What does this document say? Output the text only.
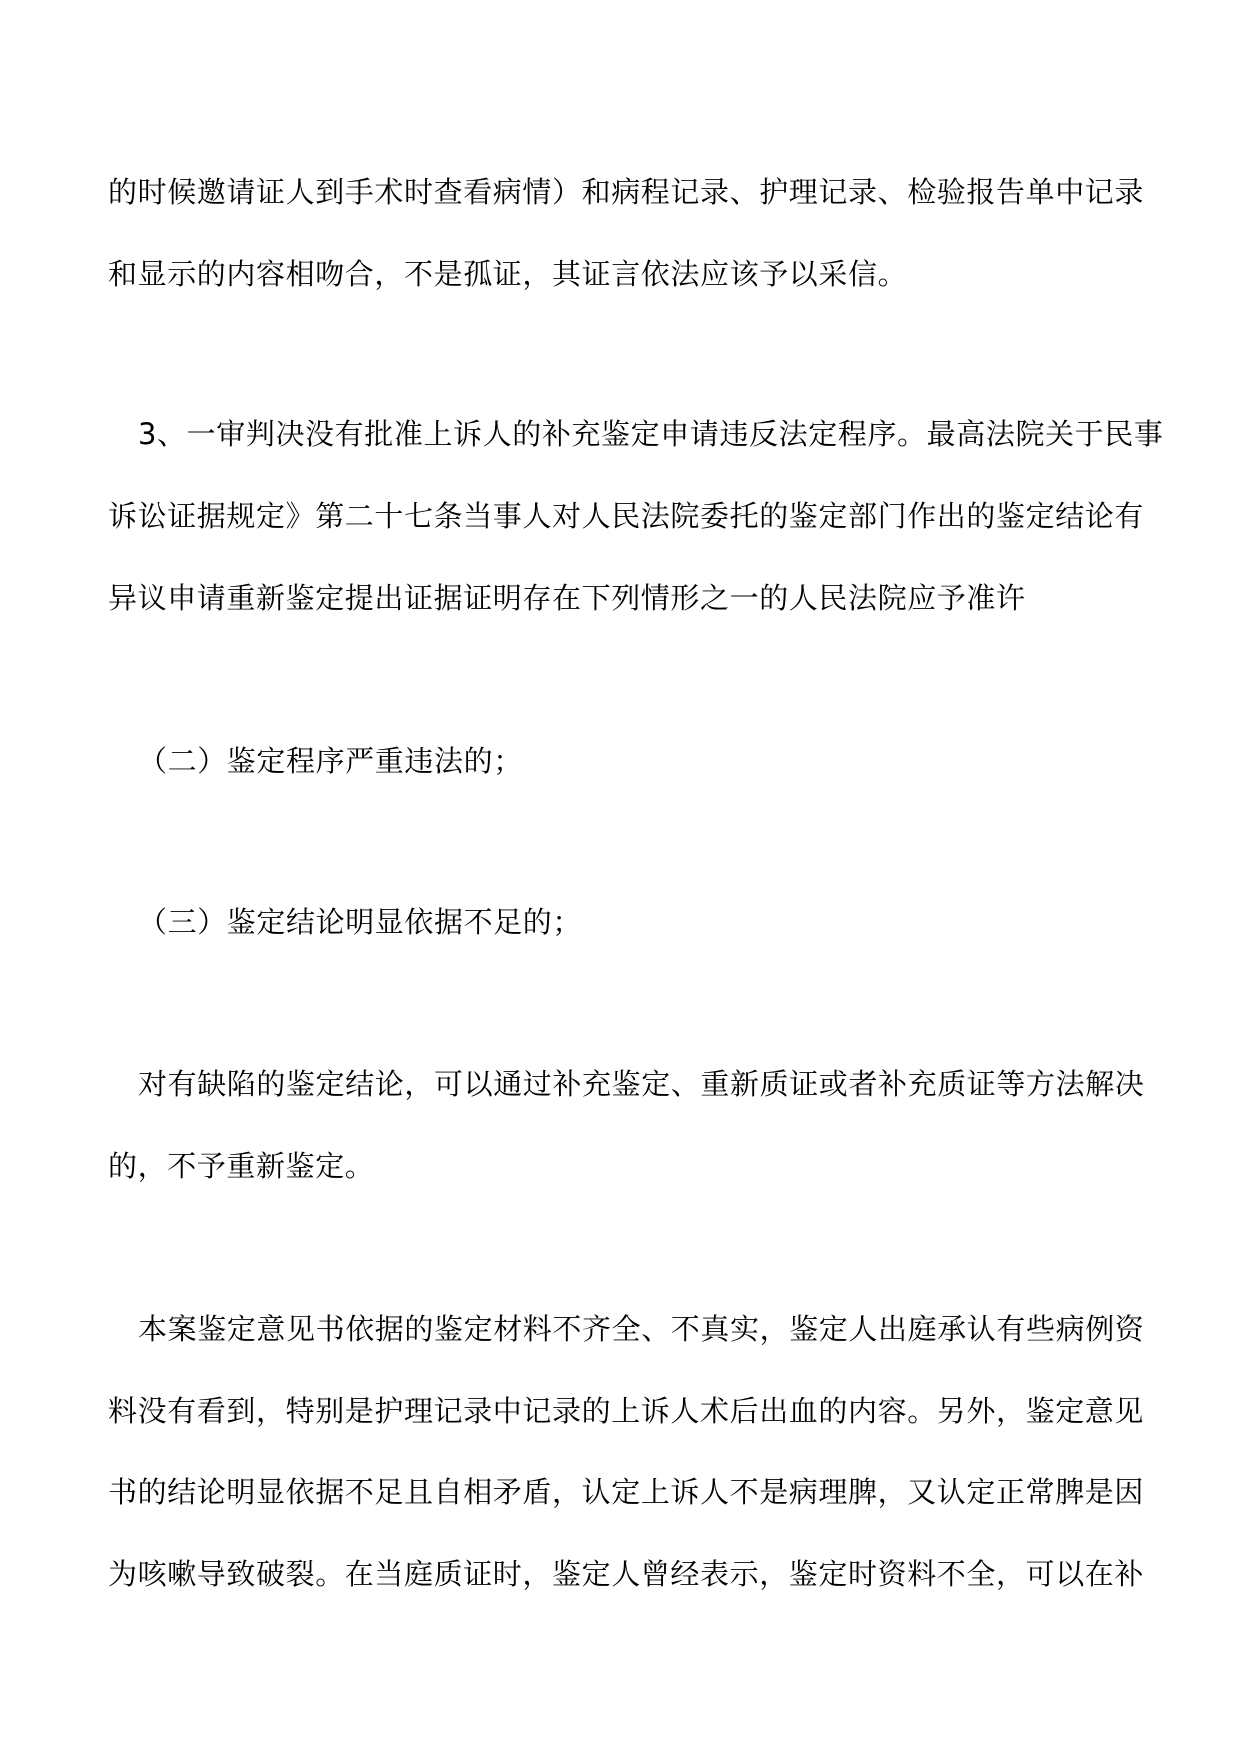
的时候邀请证人到手术时查看病情）和病程记录、护理记录、检验报告单中记录
和显示的内容相吻合，不是孤证，其证言依法应该予以采信。
3、一审判决没有批准上诉人的补充鉴定申请违反法定程序。最高法院关于民事
诉讼证据规定》第二十七条当事人对人民法院委托的鉴定部门作出的鉴定结论有
异议申请重新鉴定提出证据证明存在下列情形之一的人民法院应予准许
（二）鉴定程序严重违法的；
（三）鉴定结论明显依据不足的；
对有缺陷的鉴定结论，可以通过补充鉴定、重新质证或者补充质证等方法解决
的，不予重新鉴定。
本案鉴定意见书依据的鉴定材料不齐全、不真实，鉴定人出庭承认有些病例资
料没有看到，特别是护理记录中记录的上诉人术后出血的内容。另外，鉴定意见
书的结论明显依据不足且自相矛盾，认定上诉人不是病理脾，又认定正常脾是因
为咳嗽导致破裂。在当庭质证时，鉴定人曾经表示，鉴定时资料不全，可以在补
